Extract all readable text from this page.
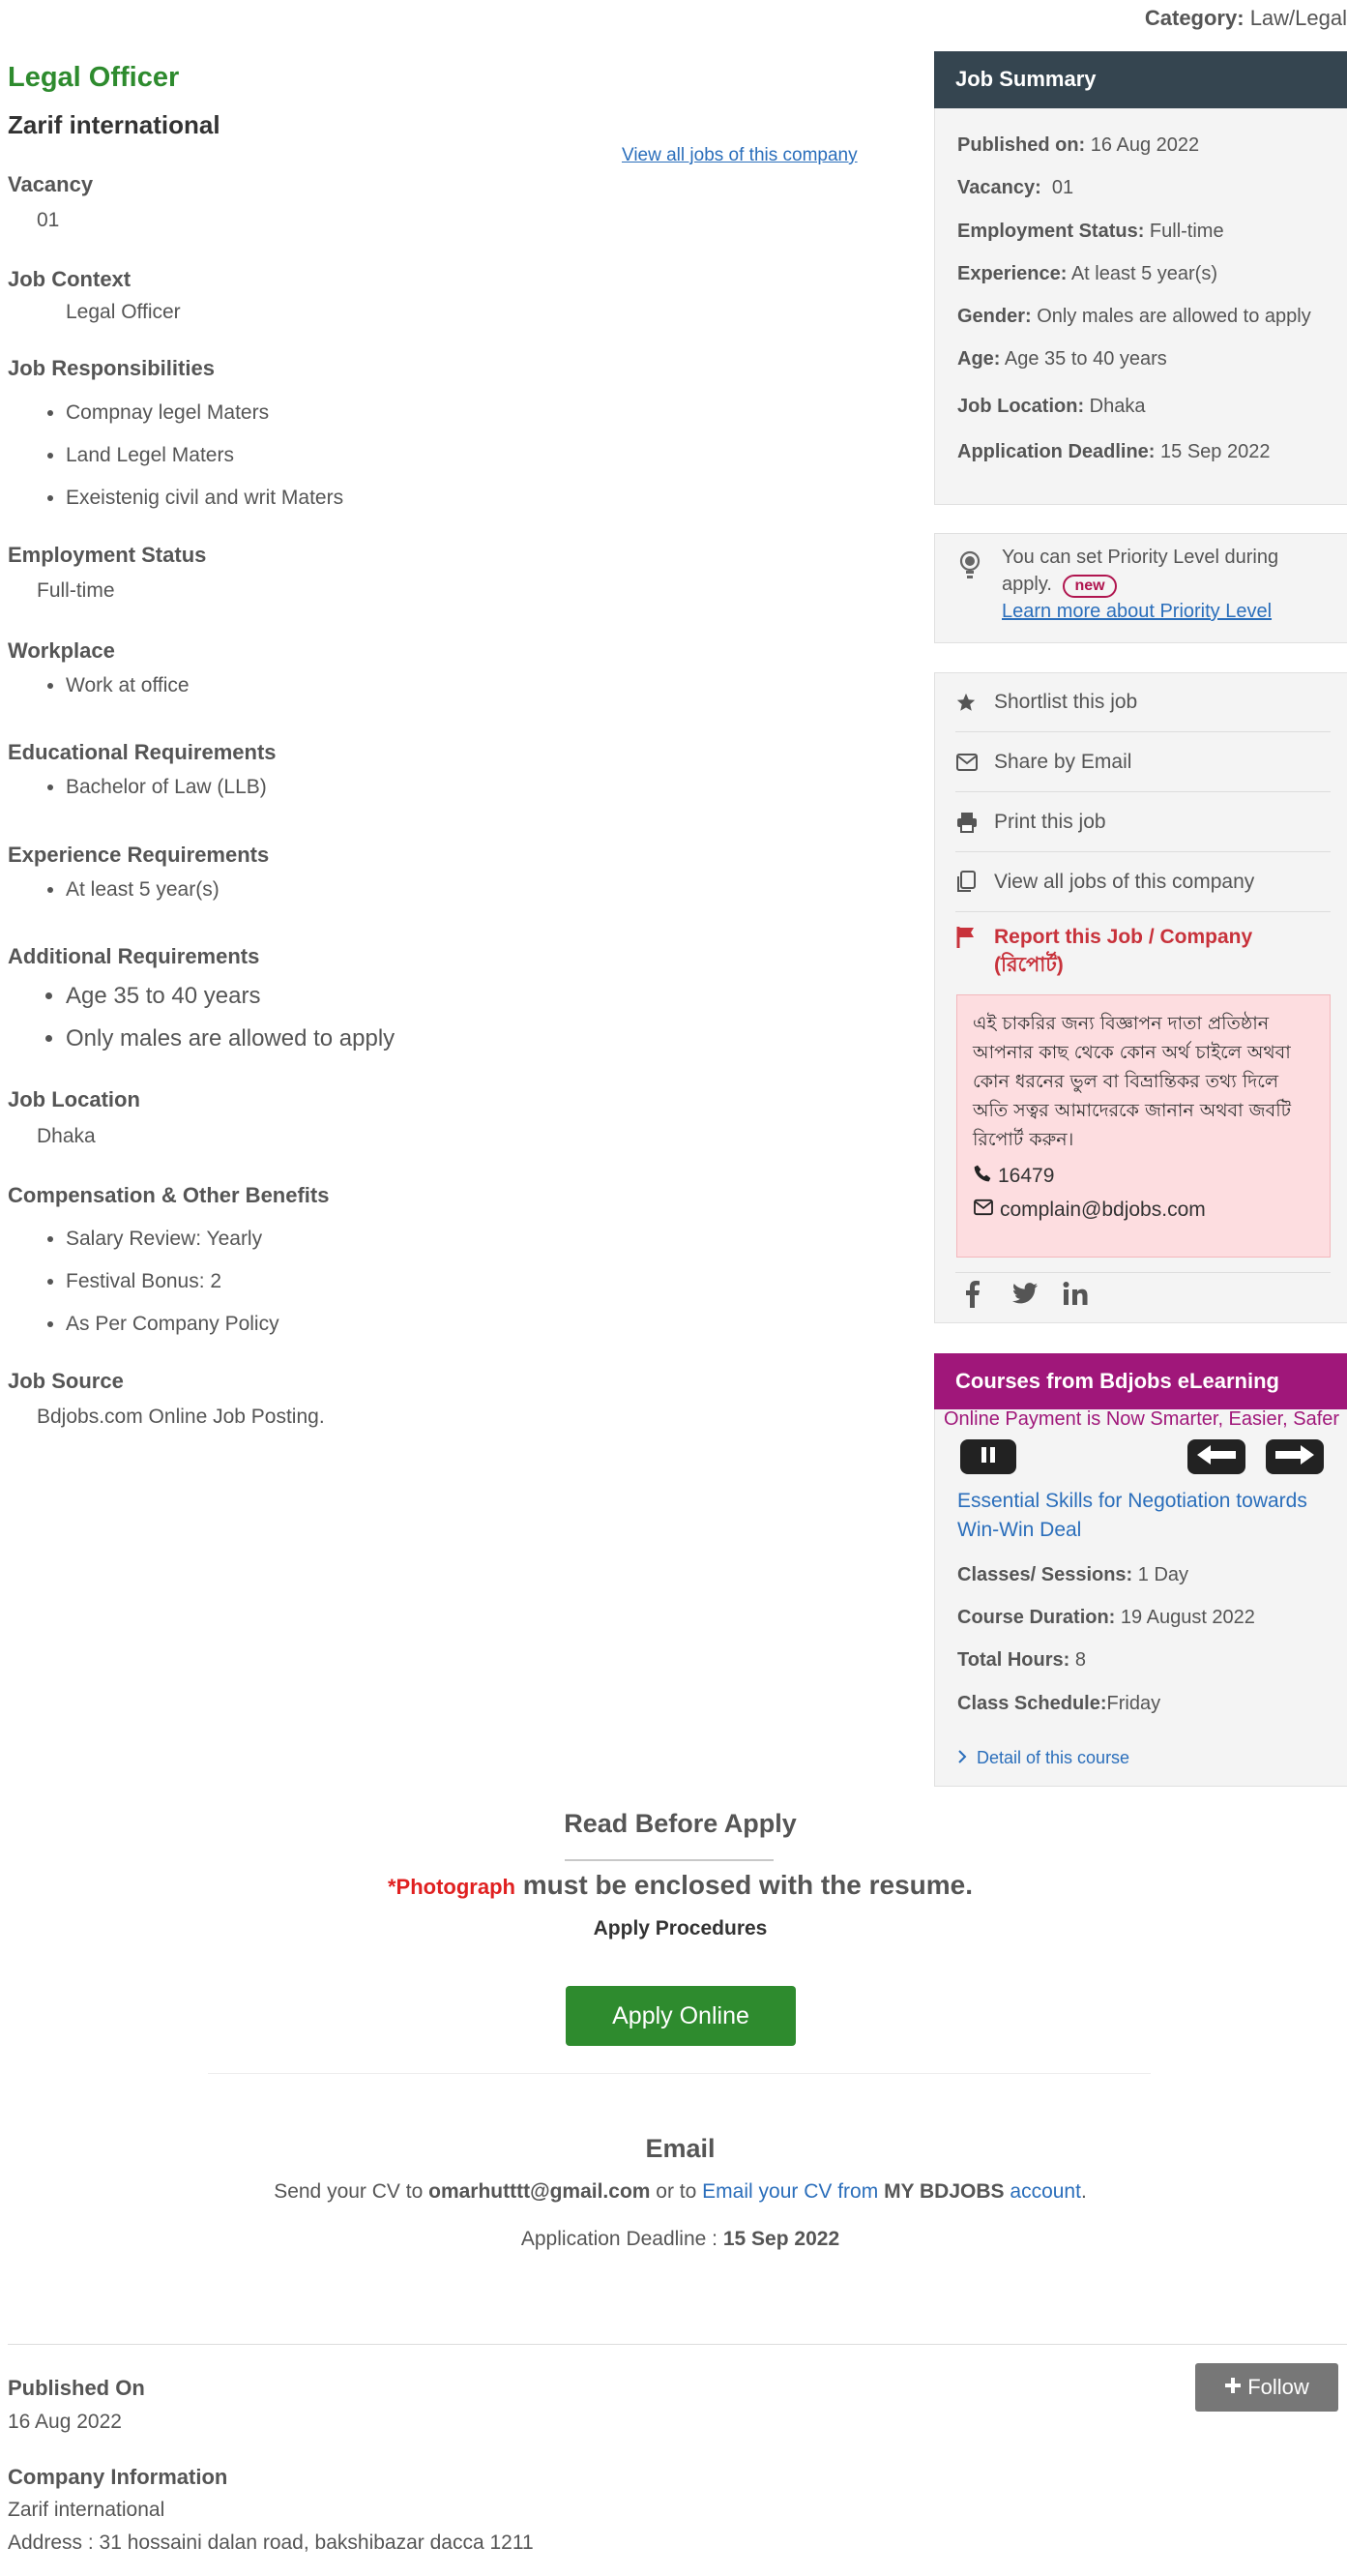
Category: Law/Legal
Legal Officer
Zarif international
View all jobs of this company
Vacancy
01
Job Context
Legal Officer
Job Responsibilities
• Compnay legel Maters
• Land Legel Maters
• Exeistenig civil and writ Maters
Employment Status
Full-time
Workplace
• Work at office
Educational Requirements
• Bachelor of Law (LLB)
Experience Requirements
• At least 5 year(s)
Additional Requirements
• Age 35 to 40 years
• Only males are allowed to apply
Job Location
Dhaka
Compensation & Other Benefits
• Salary Review: Yearly
• Festival Bonus: 2
• As Per Company Policy
Job Source
Bdjobs.com Online Job Posting.
Job Summary
Published on: 16 Aug 2022
Vacancy: 01
Employment Status: Full-time
Experience: At least 5 year(s)
Gender: Only males are allowed to apply
Age: Age 35 to 40 years
Job Location: Dhaka
Application Deadline: 15 Sep 2022
You can set Priority Level during apply. new
Learn more about Priority Level
Shortlist this job
Share by Email
Print this job
View all jobs of this company
Report this Job / Company
(রিপোর্ট)
এই চাকরির জন্য বিজ্ঞাপন দাতা প্রতিষ্ঠান আপনার কাছ থেকে কোন অর্থ চাইলে অথবা কোন ধরনের ভুল বা বিভ্রান্তিকর তথ্য দিলে অতি সত্বর আমাদেরকে জানান অথবা জবটি রিপোর্ট করুন।
16479
complain@bdjobs.com
Courses from Bdjobs eLearning
Online Payment is Now Smarter, Easier, Safer
Essential Skills for Negotiation towards Win-Win Deal
Classes/ Sessions: 1 Day
Course Duration: 19 August 2022
Total Hours: 8
Class Schedule:Friday
Detail of this course
Read Before Apply
*Photograph must be enclosed with the resume.
Apply Procedures
Apply Online
Email
Send your CV to omarhutttt@gmail.com or to Email your CV from MY BDJOBS account.
Application Deadline : 15 Sep 2022
Follow
Published On
16 Aug 2022
Company Information
Zarif international
Address : 31 hossaini dalan road, bakshibazar dacca 1211
